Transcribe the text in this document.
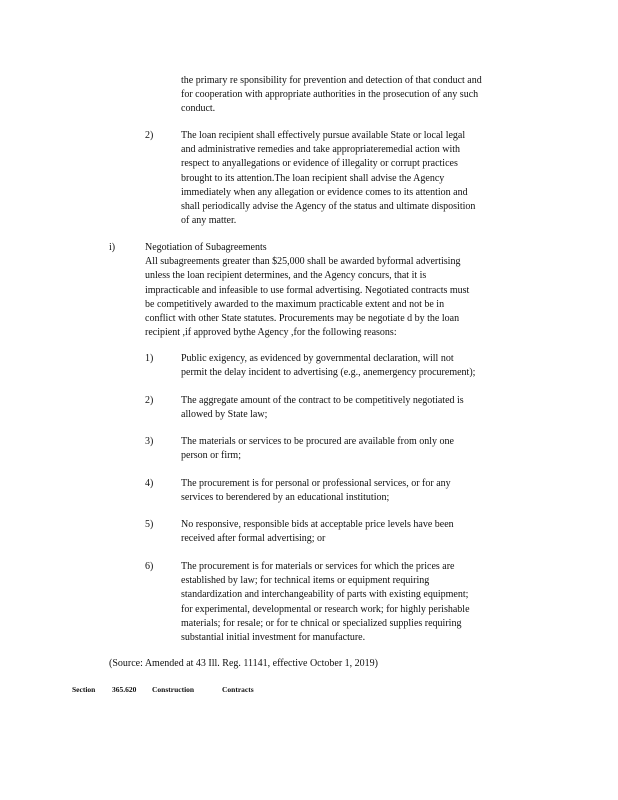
the primary re sponsibility for prevention and detection of that conduct and
for cooperation with appropriate authorities in the prosecution of any such
conduct.
2)	The loan recipient shall effectively pursue available State or local legal
and administrative remedies and take appropriateremedial action with
respect to anyallegations or evidence of illegality or corrupt practices
brought to its attention.The loan recipient shall advise the Agency
immediately when any allegation or evidence comes to its attention and
shall periodically advise the Agency of the status and ultimate disposition
of any matter.
i)	Negotiation of Subagreements
All subagreements greater than $25,000 shall be awarded byformal advertising
unless the loan recipient determines, and the Agency concurs, that it is
impracticable and infeasible to use formal advertising. Negotiated contracts must
be competitively awarded to the maximum practicable extent and not be in
conflict with other State statutes. Procurements may be negotiate d by the loan
recipient ,if approved bythe Agency ,for the following reasons:
1)	Public exigency, as evidenced by governmental declaration, will not
permit the delay incident to advertising (e.g., anemergency procurement);
2)	The aggregate amount of the contract to be competitively negotiated is
allowed by State law;
3)	The materials or services to be procured are available from only one
person or firm;
4)	The procurement is for personal or professional services, or for any
services to berendered by an educational institution;
5)	No responsive, responsible bids at acceptable price levels have been
received after formal advertising; or
6)	The procurement is for materials or services for which the prices are
established by law; for technical items or equipment requiring
standardization and interchangeability of parts with existing equipment;
for experimental, developmental or research work; for highly perishable
materials; for resale; or for te chnical or specialized supplies requiring
substantial initial investment for manufacture.
(Source: Amended at 43 Ill. Reg. 11141, effective October 1, 2019)
Section 365.620 Construction	Contracts
